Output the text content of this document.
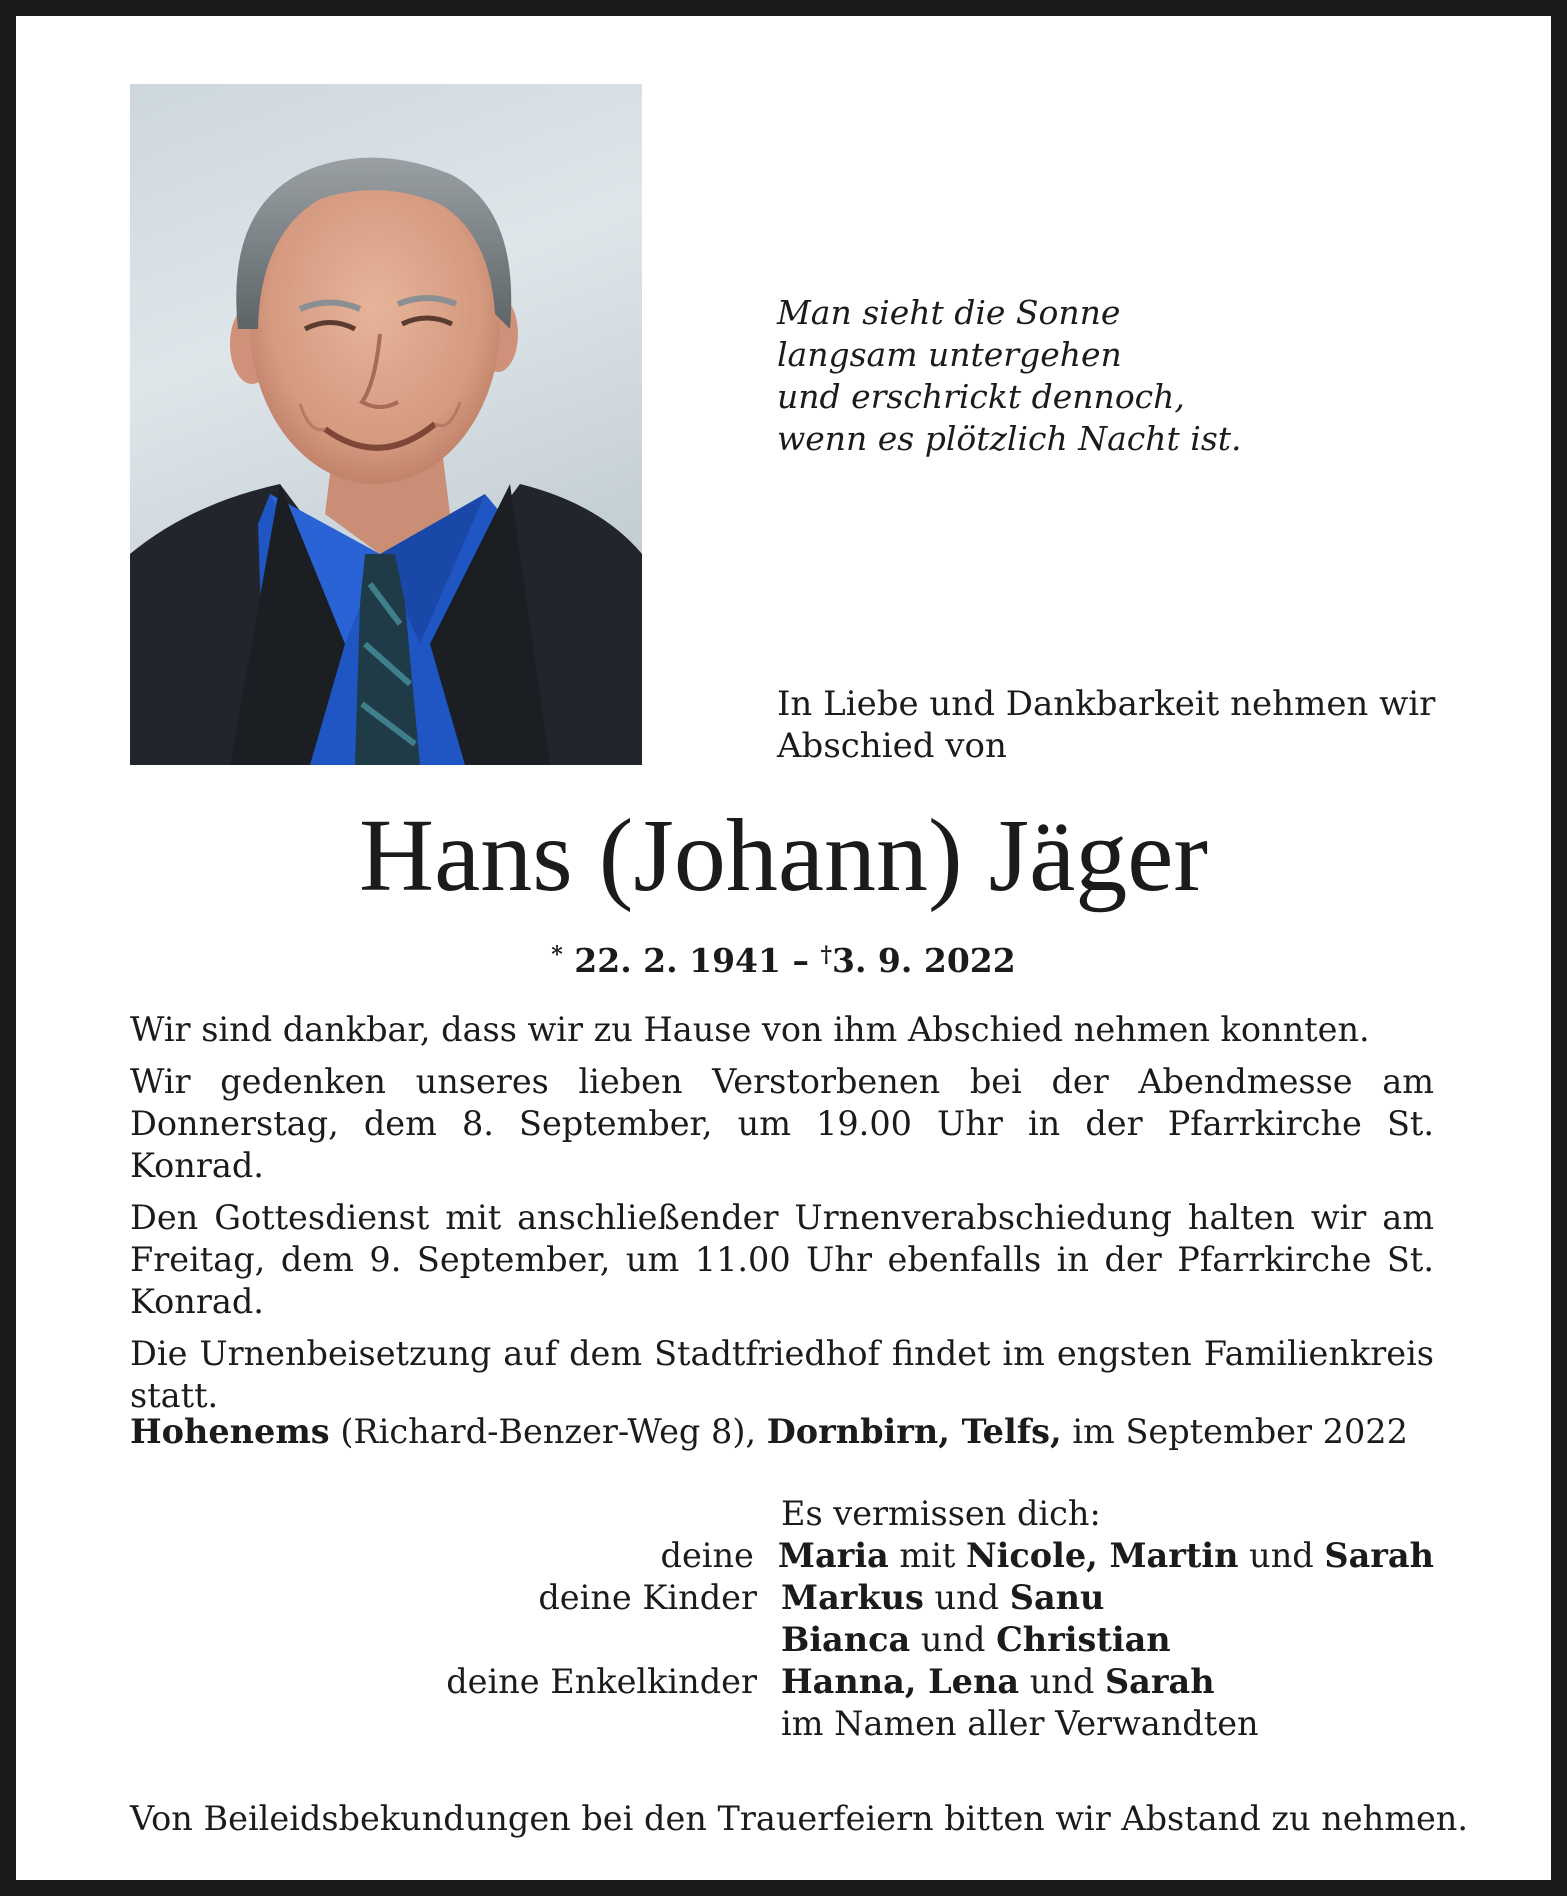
Man sieht die Sonne
langsam untergehen
und erschrickt dennoch,
wenn es plötzlich Nacht ist.
In Liebe und Dankbarkeit nehmen wir
Abschied von
Hans (Johann) Jäger
* 22. 2. 1941 – †3. 9. 2022

Wir sind dankbar, dass wir zu Hause von ihm Abschied nehmen konnten.

Wir gedenken unseres lieben Verstorbenen bei der Abendmesse am Donnerstag, dem 8. September, um 19.00 Uhr in der Pfarrkirche St. Konrad.

Den Gottesdienst mit anschließender Urnenverabschiedung halten wir am Freitag, dem 9. September, um 11.00 Uhr ebenfalls in der Pfarrkirche St. Konrad.

Die Urnenbeisetzung auf dem Stadtfriedhof findet im engsten Familienkreis statt.

Hohenems (Richard-Benzer-Weg 8), Dornbirn, Telfs, im September 2022
Es vermissen dich:
deine Maria mit Nicole, Martin und Sarah
deine Kinder Markus und Sanu
Bianca und Christian
deine Enkelkinder Hanna, Lena und Sarah
im Namen aller Verwandten
Von Beileidsbekundungen bei den Trauerfeiern bitten wir Abstand zu nehmen.
